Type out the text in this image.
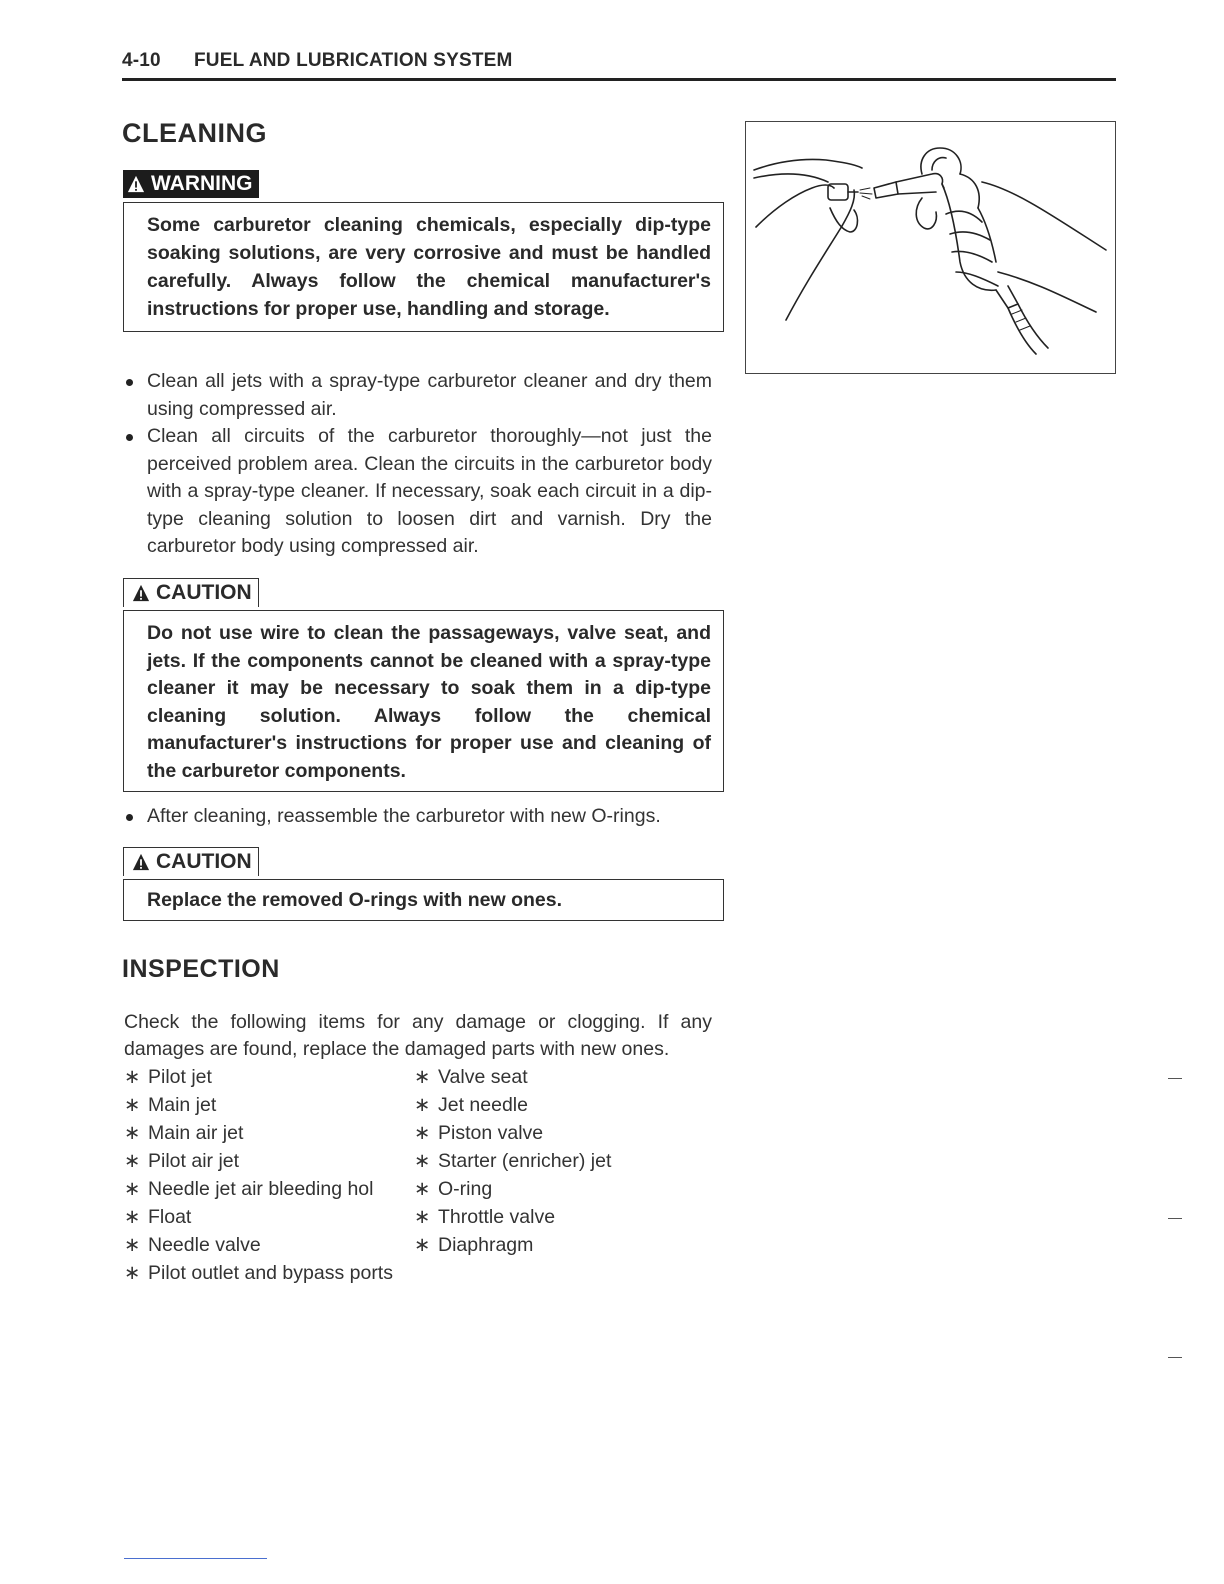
4-10 FUEL AND LUBRICATION SYSTEM
CLEANING
WARNING
Some carburetor cleaning chemicals, especially dip-type soaking solutions, are very corrosive and must be handled carefully. Always follow the chemical manufacturer's instructions for proper use, handling and storage.
Clean all jets with a spray-type carburetor cleaner and dry them using compressed air.
Clean all circuits of the carburetor thoroughly—not just the perceived problem area. Clean the circuits in the carburetor body with a spray-type cleaner. If necessary, soak each circuit in a dip-type cleaning solution to loosen dirt and varnish. Dry the carburetor body using compressed air.
CAUTION
Do not use wire to clean the passageways, valve seat, and jets. If the components cannot be cleaned with a spray-type cleaner it may be necessary to soak them in a dip-type cleaning solution. Always follow the chemical manufacturer's instructions for proper use and cleaning of the carburetor components.
After cleaning, reassemble the carburetor with new O-rings.
CAUTION
Replace the removed O-rings with new ones.
INSPECTION
Check the following items for any damage or clogging. If any damages are found, replace the damaged parts with new ones.
∗ Pilot jet
∗ Main jet
∗ Main air jet
∗ Pilot air jet
∗ Needle jet air bleeding hol
∗ Float
∗ Needle valve
∗ Pilot outlet and bypass ports
∗ Valve seat
∗ Jet needle
∗ Piston valve
∗ Starter (enricher) jet
∗ O-ring
∗ Throttle valve
∗ Diaphragm
